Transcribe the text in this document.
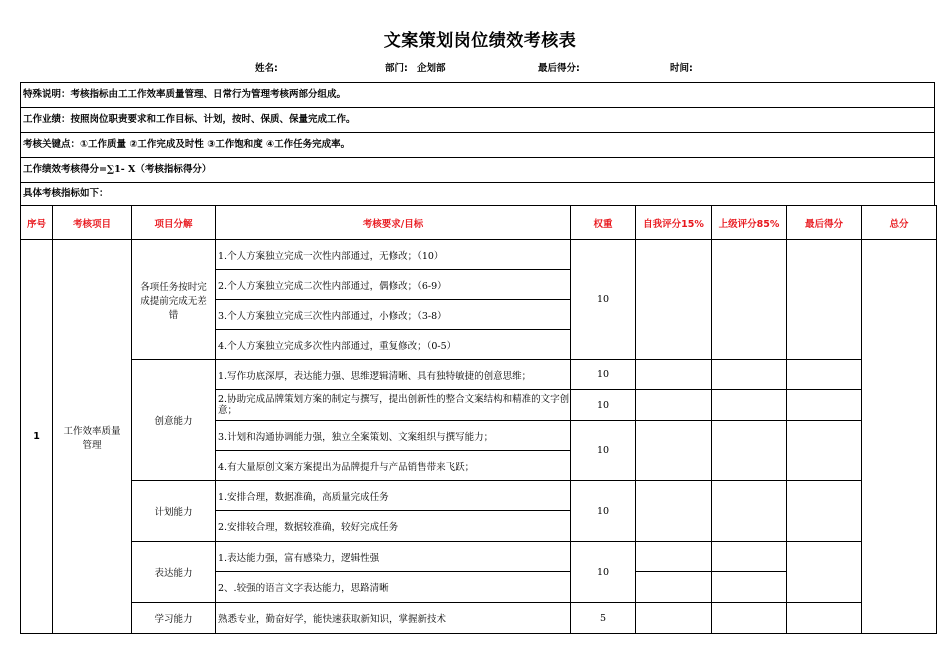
文案策划岗位绩效考核表
姓名:	部门: 企划部	最后得分:	时间:
特殊说明：考核指标由工工作效率质量管理、日常行为管理考核两部分组成。
工作业绩：按照岗位职责要求和工作目标、计划，按时、保质、保量完成工作。
考核关键点：①工作质量 ②工作完成及时性 ③工作饱和度 ④工作任务完成率。
工作绩效考核得分=∑1- X（考核指标得分）
具体考核指标如下：
序号	考核项目	项目分解	考核要求/目标	权重	自我评分15%	上级评分85%	最后得分	总分
1	工作效率质量管理	各项任务按时完成提前完成无差错	1.个人方案独立完成一次性内部通过，无修改；（10）	10				
			2.个人方案独立完成二次性内部通过，偶修改；（6-9）					
			3.个人方案独立完成三次性内部通过，小修改；（3-8）					
			4.个人方案独立完成多次性内部通过，重复修改；（0-5）					
		创意能力	1.写作功底深厚，表达能力强、思维逻辑清晰、具有独特敏捷的创意思维；	10				
			2.协助完成品牌策划方案的制定与撰写，提出创新性的整合文案结构和精准的文字创意；	10				
			3.计划和沟通协调能力强，独立全案策划、文案组织与撰写能力；	10				
			4.有大量原创文案方案提出为品牌提升与产品销售带来飞跃；					
		计划能力	1.安排合理，数据准确，高质量完成任务	10				
			2.安排较合理，数据较准确，较好完成任务					
		表达能力	1.表达能力强，富有感染力，逻辑性强	10				
			2、.较强的语言文字表达能力，思路清晰					
		学习能力	熟悉专业，勤奋好学，能快速获取新知识，掌握新技术	5				
